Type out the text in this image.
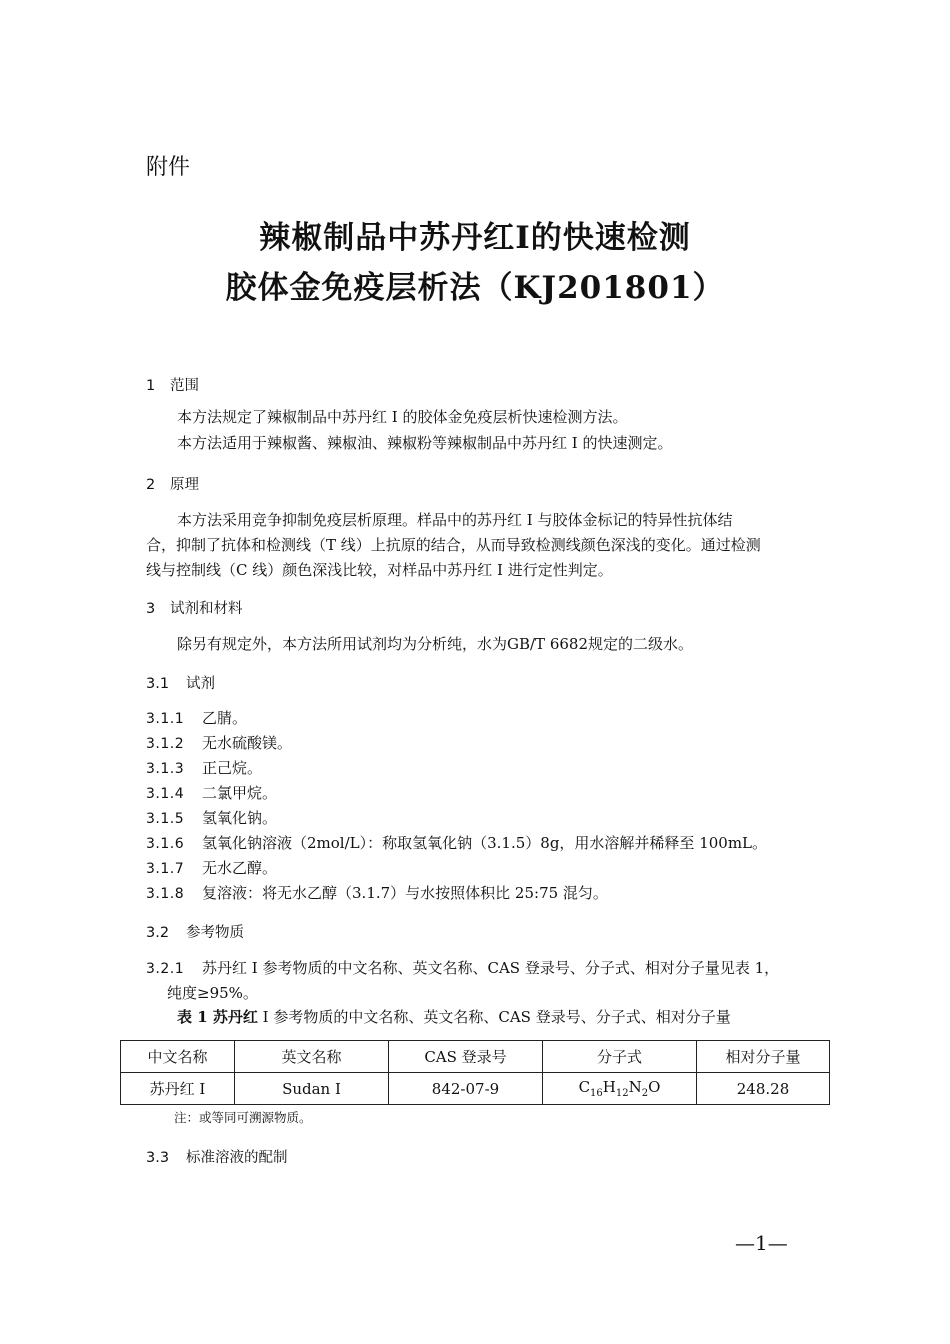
附件
辣椒制品中苏丹红I的快速检测
胶体金免疫层析法（KJ201801）
1 范围
本方法规定了辣椒制品中苏丹红 I 的胶体金免疫层析快速检测方法。
本方法适用于辣椒酱、辣椒油、辣椒粉等辣椒制品中苏丹红 I 的快速测定。
2 原理
本方法采用竞争抑制免疫层析原理。样品中的苏丹红 I 与胶体金标记的特异性抗体结
合，抑制了抗体和检测线（T 线）上抗原的结合，从而导致检测线颜色深浅的变化。通过检测
线与控制线（C 线）颜色深浅比较，对样品中苏丹红 I 进行定性判定。
3 试剂和材料
除另有规定外，本方法所用试剂均为分析纯，水为GB/T 6682规定的二级水。
3.1 试剂
3.1.1 乙腈。
3.1.2 无水硫酸镁。
3.1.3 正己烷。
3.1.4 二氯甲烷。
3.1.5 氢氧化钠。
3.1.6 氢氧化钠溶液（2mol/L）：称取氢氧化钠（3.1.5）8g，用水溶解并稀释至 100mL。
3.1.7 无水乙醇。
3.1.8 复溶液：将无水乙醇（3.1.7）与水按照体积比 25:75 混匀。
3.2 参考物质
3.2.1 苏丹红 I 参考物质的中文名称、英文名称、CAS 登录号、分子式、相对分子量见表 1，
纯度≥95%。
表 1 苏丹红 I 参考物质的中文名称、英文名称、CAS 登录号、分子式、相对分子量
中文名称	英文名称	CAS 登录号	分子式	相对分子量
苏丹红 I	Sudan I	842-07-9	$C_{16}H_{12}N_2O$	248.28
注：或等同可溯源物质。
3.3 标准溶液的配制
—1—
